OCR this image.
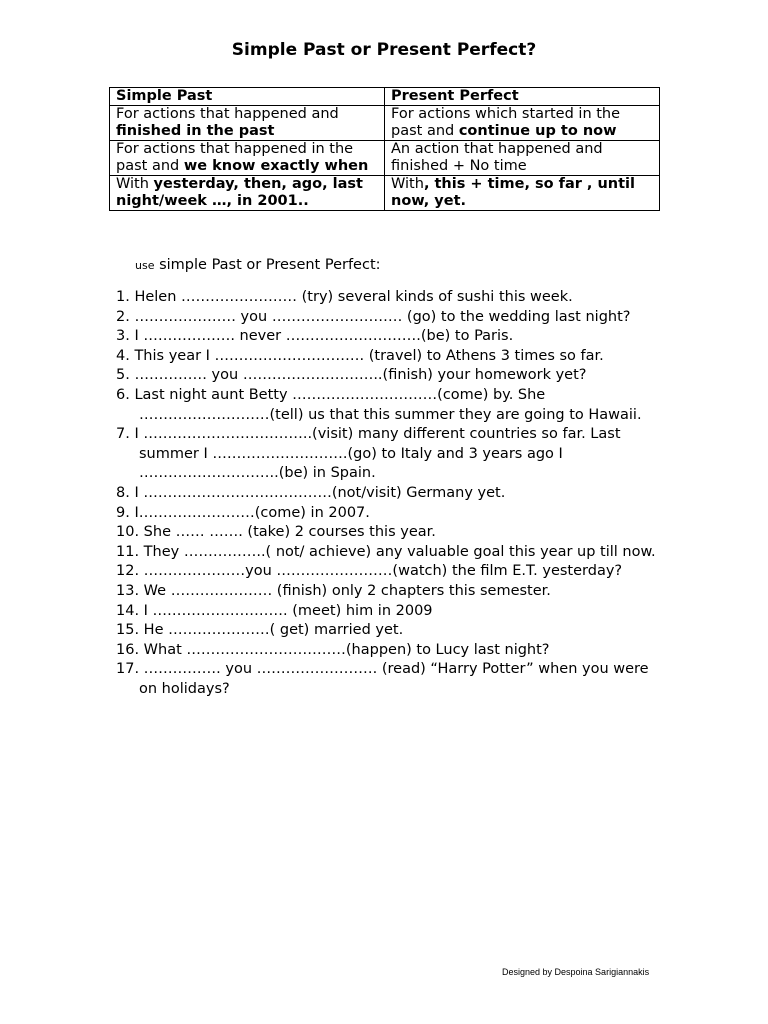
Simple Past or Present Perfect?
Simple Past	Present Perfect
For actions that happened and finished in the past	For actions which started in the past and continue up to now
For actions that happened in the past and we know exactly when	An action that happened and finished + No time
With yesterday, then, ago, last night/week …, in 2001..	With, this + time, so far , until now, yet.
use simple Past or Present Perfect:
1. Helen …………………… (try) several kinds of sushi this week.
2. ………………… you ……………………… (go) to the wedding last night?
3. I ………………. never ……………………….(be) to Paris.
4. This year I …………………………. (travel) to Athens 3 times so far.
5. …………… you ………………………..(finish) your homework yet?
6. Last night aunt Betty …………………………(come) by. She ………………………(tell) us that this summer they are going to Hawaii.
7. I ……………………………..(visit) many different countries so far. Last summer I ……………………….(go) to Italy and 3 years ago I ………………………..(be) in Spain.
8. I …………………………………(not/visit) Germany yet.
9. I……………………(come) in 2007.
10. She …… ……. (take) 2 courses this year.
11. They ……………..( not/ achieve) any valuable goal this year up till now.
12. …………………you ……………………(watch) the film E.T. yesterday?
13. We ………………… (finish) only 2 chapters this semester.
14. I ………………………. (meet) him in 2009
15. He …………………( get) married yet.
16. What ……………………………(happen) to Lucy last night?
17. ……………. you ……………………. (read) “Harry Potter” when you were on holidays?
Designed by Despoina Sarigiannakis
